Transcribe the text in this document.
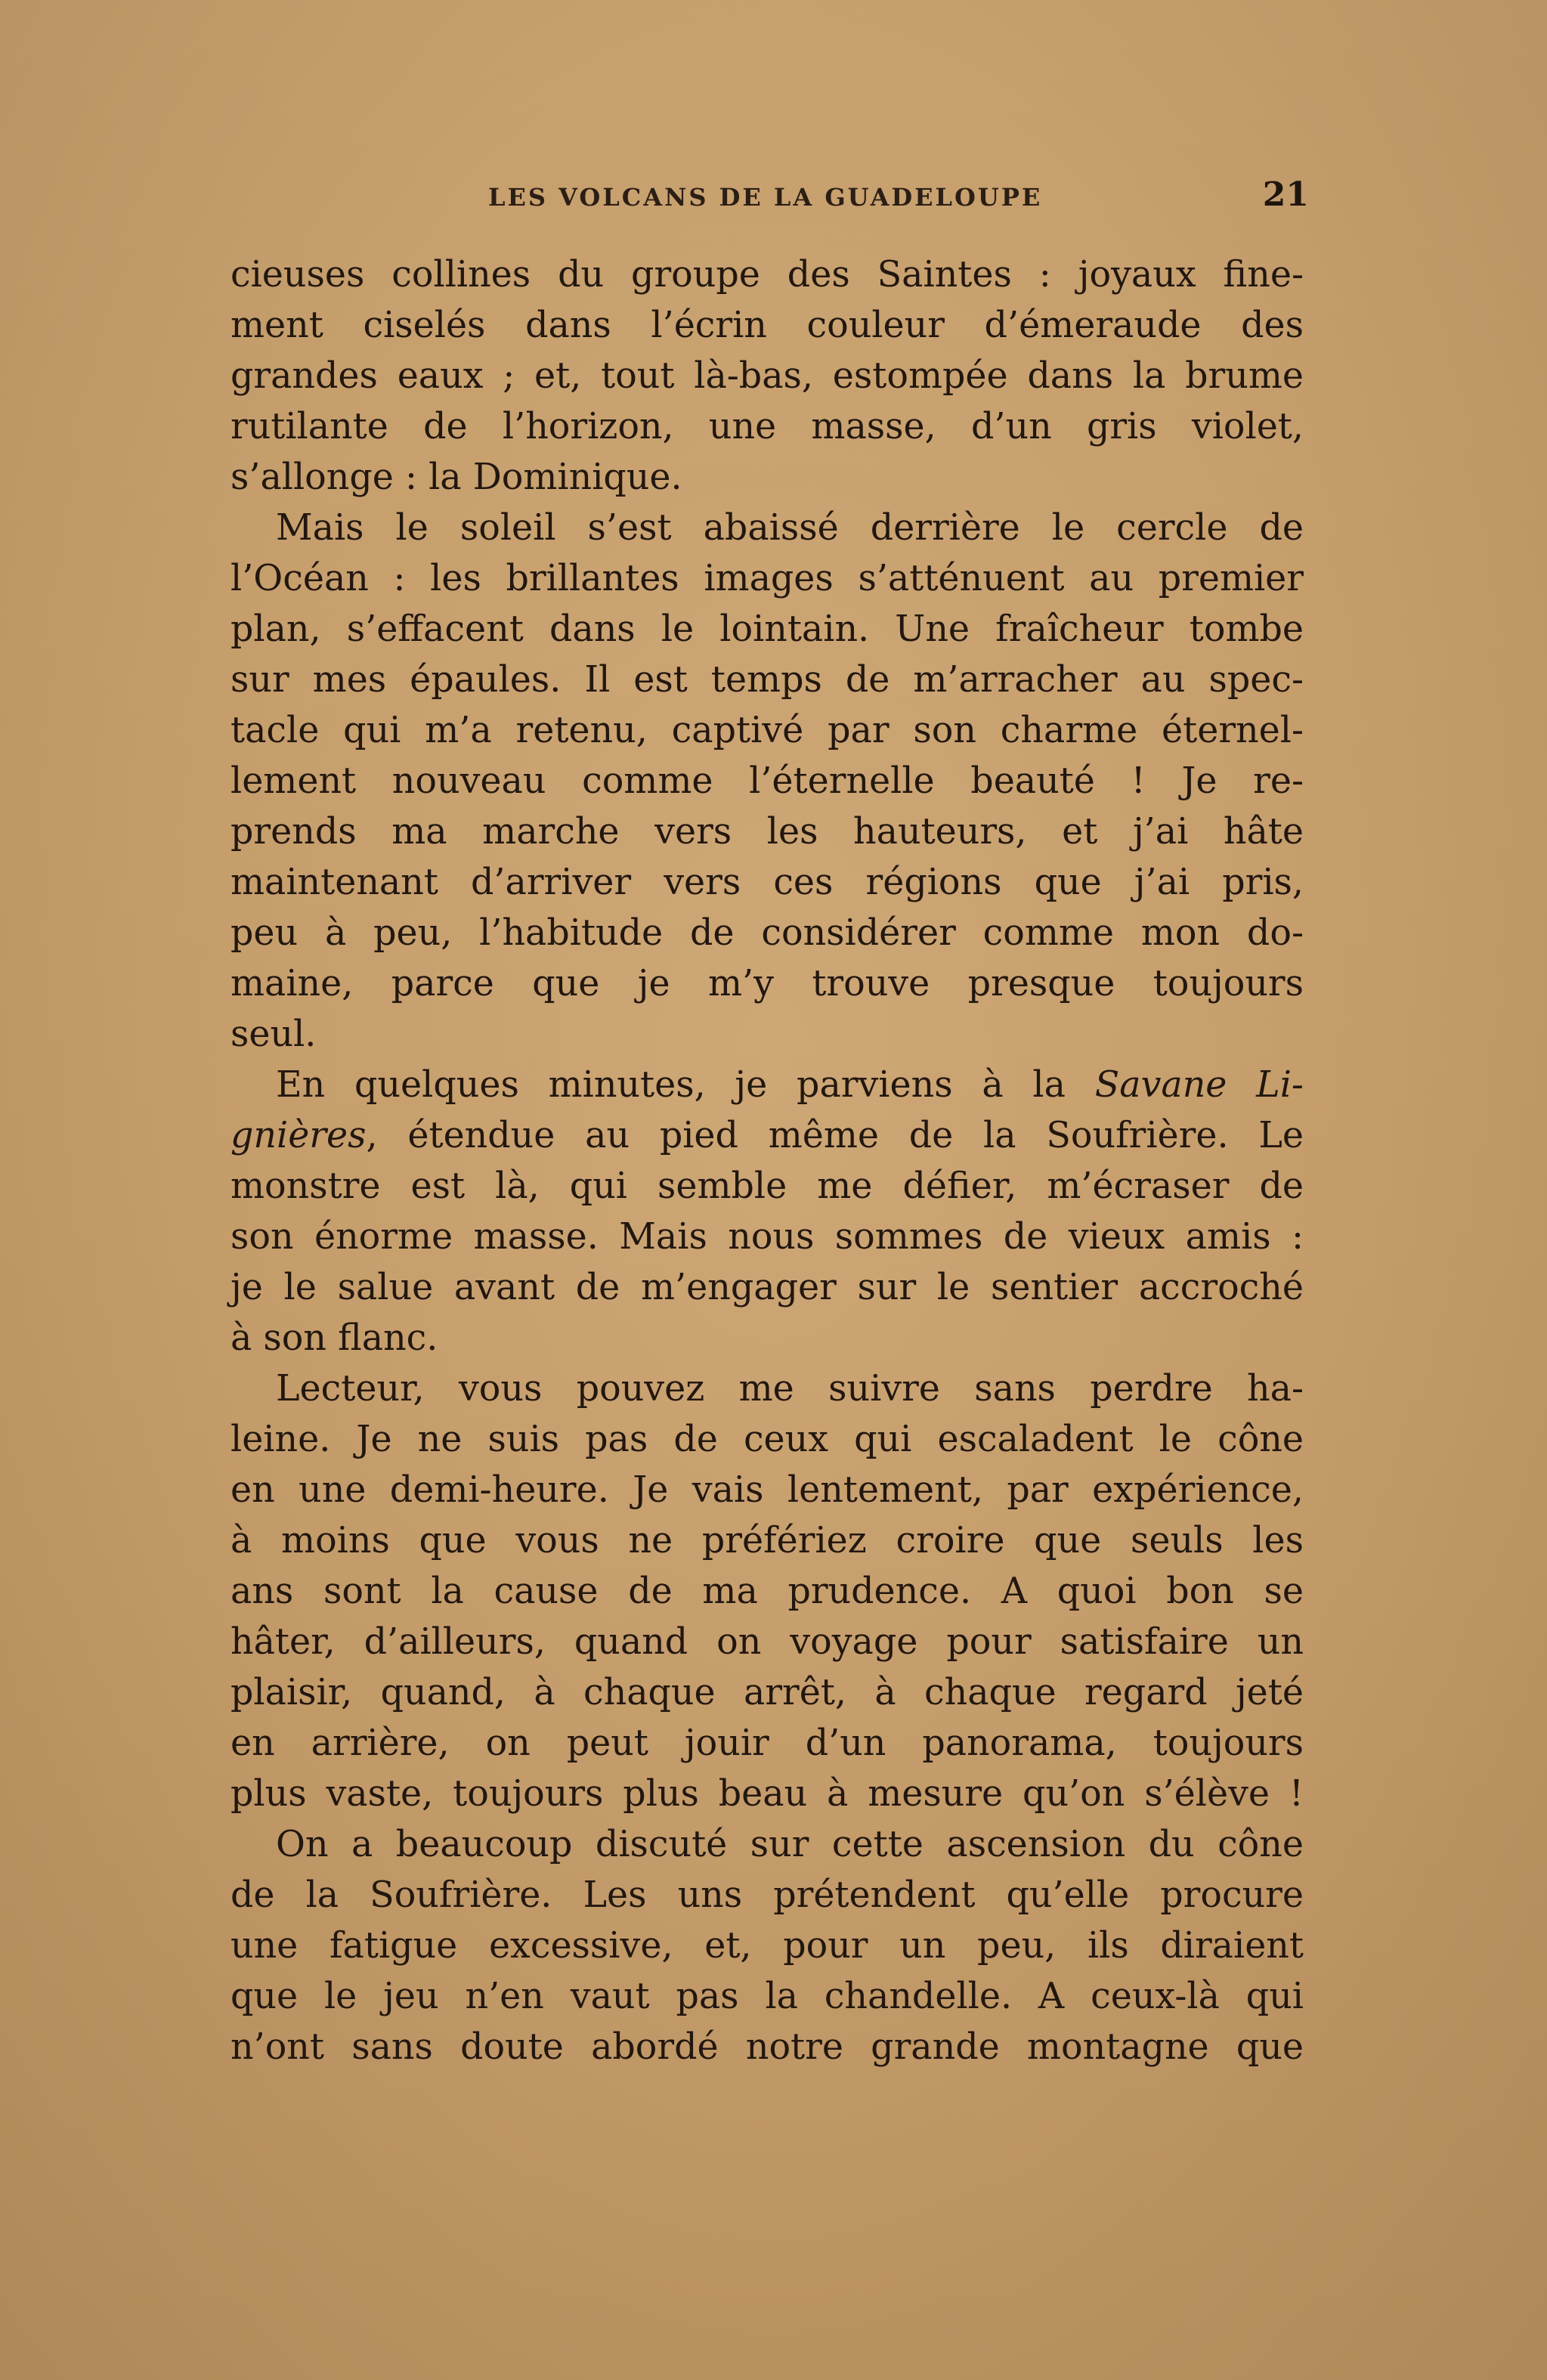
LES VOLCANS DE LA GUADELOUPE	21
cieuses collines du groupe des Saintes : joyaux fine-
ment ciselés dans l’écrin couleur d’émeraude des
grandes eaux ; et, tout là-bas, estompée dans la brume
rutilante de l’horizon, une masse, d’un gris violet,
s’allonge : la Dominique.
Mais le soleil s’est abaissé derrière le cercle de
l’Océan : les brillantes images s’atténuent au premier
plan, s’effacent dans le lointain. Une fraîcheur tombe
sur mes épaules. Il est temps de m’arracher au spec-
tacle qui m’a retenu, captivé par son charme éternel-
lement nouveau comme l’éternelle beauté ! Je re-
prends ma marche vers les hauteurs, et j’ai hâte
maintenant d’arriver vers ces régions que j’ai pris,
peu à peu, l’habitude de considérer comme mon do-
maine, parce que je m’y trouve presque toujours
seul.
En quelques minutes, je parviens à la Savane Li-
gnières, étendue au pied même de la Soufrière. Le
monstre est là, qui semble me défier, m’écraser de
son énorme masse. Mais nous sommes de vieux amis :
je le salue avant de m’engager sur le sentier accroché
à son flanc.
Lecteur, vous pouvez me suivre sans perdre ha-
leine. Je ne suis pas de ceux qui escaladent le cône
en une demi-heure. Je vais lentement, par expérience,
à moins que vous ne préfériez croire que seuls les
ans sont la cause de ma prudence. A quoi bon se
hâter, d’ailleurs, quand on voyage pour satisfaire un
plaisir, quand, à chaque arrêt, à chaque regard jeté
en arrière, on peut jouir d’un panorama, toujours
plus vaste, toujours plus beau à mesure qu’on s’élève !
On a beaucoup discuté sur cette ascension du cône
de la Soufrière. Les uns prétendent qu’elle procure
une fatigue excessive, et, pour un peu, ils diraient
que le jeu n’en vaut pas la chandelle. A ceux-là qui
n’ont sans doute abordé notre grande montagne que
